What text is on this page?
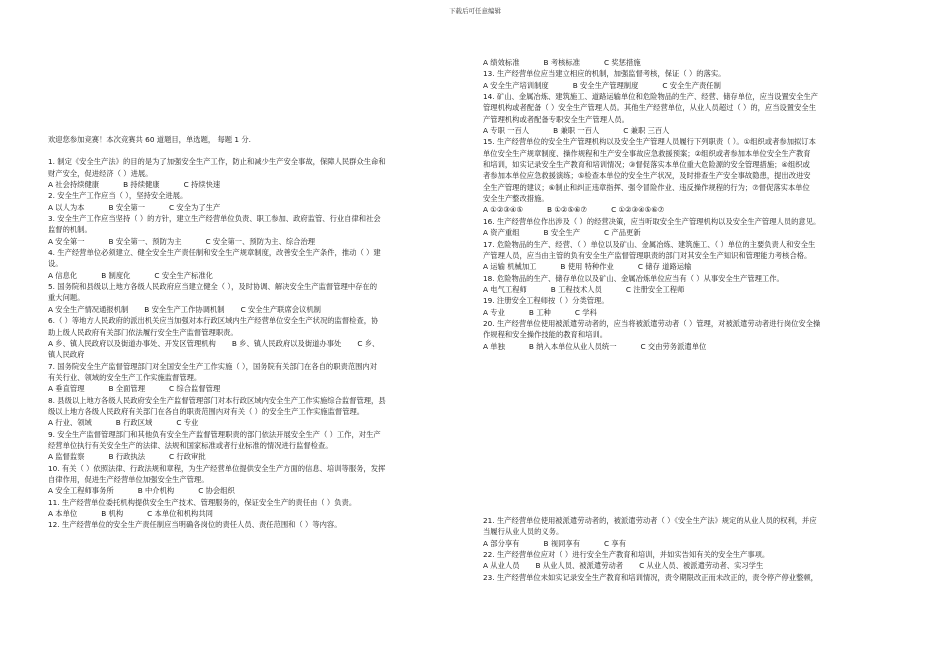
下载后可任意编辑
欢迎您参加竞赛！本次竞赛共 60 道题目，单选题， 每题 1 分.
1. 制定《安全生产法》的目的是为了加强安全生产工作，防止和减少生产安全事故，保障人民群众生命和
财产安全，促进经济（ ）进展。
A 社会持续健康	B 持续健康	C 持续快速
2. 安全生产工作应当（ ），坚持安全进展。
A 以人为本	B 安全第一	C 安全为了生产
3. 安全生产工作应当坚持（ ）的方针，建立生产经营单位负责、职工参加、政府监管、行业自律和社会
监督的机制。
A 安全第一	B 安全第一、预防为主	C 安全第一、预防为主、综合治理
4. 生产经营单位必须建立、健全安全生产责任制和安全生产规章制度，改善安全生产条件，推动（ ）建
设。
A 信息化	B 制度化	C 安全生产标准化
5. 国务院和县级以上地方各级人民政府应当建立健全（ ），及时协调、解决安全生产监督管理中存在的
重大问题。
A 安全生产情况通报机制 B 安全生产工作协调机制 C 安全生产联席会议机制
6.（ ）等地方人民政府的派出机关应当加强对本行政区域内生产经营单位安全生产状况的监督检查，协
助上级人民政府有关部门依法履行安全生产监督管理职责。
A 乡、镇人民政府以及街道办事处、开发区管理机构 B 乡、镇人民政府以及街道办事处 C 乡、
镇人民政府
7. 国务院安全生产监督管理部门对全国安全生产工作实施（ ），国务院有关部门在各自的职责范围内对
有关行业、领域的安全生产工作实施监督管理。
A 垂直管理	B 全面管理	C 综合监督管理
8. 县级以上地方各级人民政府安全生产监督管理部门对本行政区域内安全生产工作实施综合监督管理，县
级以上地方各级人民政府有关部门在各自的职责范围内对有关（ ）的安全生产工作实施监督管理。
A 行业、领域	B 行政区域	C 专业
9. 安全生产监督管理部门和其他负有安全生产监督管理职责的部门依法开展安全生产（ ）工作，对生产
经营单位执行有关安全生产的法律、法规和国家标准或者行业标准的情况进行监督检查。
A 监督监察	B 行政执法	C 行政审批
10. 有关（ ）依照法律、行政法规和章程，为生产经营单位提供安全生产方面的信息、培训等服务，发挥
自律作用，促进生产经营单位加强安全生产管理。
A 安全工程师事务所	B 中介机构	C 协会组织
11. 生产经营单位委托机构提供安全生产技术、管理服务的，保证安全生产的责任由（ ）负责。
A 本单位	B 机构	C 本单位和机构共同
12. 生产经营单位的安全生产责任制应当明确各岗位的责任人员、责任范围和（ ）等内容。
A 绩效标准	B 考核标准	C 奖惩措施
13. 生产经营单位应当建立相应的机制，加强监督考核，保证（ ）的落实。
A 安全生产培训制度	B 安全生产管理制度	C 安全生产责任制
14. 矿山、金属冶炼、建筑施工、道路运输单位和危险物品的生产、经营、储存单位，应当设置安全生产
管理机构或者配备（ ）安全生产管理人员。其他生产经营单位，从业人员超过（ ）的，应当设置安全生
产管理机构或者配备专职安全生产管理人员。
A 专职 一百人	B 兼职 一百人	C 兼职 三百人
15. 生产经营单位的安全生产管理机构以及安全生产管理人员履行下列职责（ ）。①组织或者参加拟订本
单位安全生产规章制度、操作规程和生产安全事故应急救援预案；②组织或者参加本单位安全生产教育
和培训，如实记录安全生产教育和培训情况；③督促落实本单位重大危险源的安全管理措施；④组织或
者参加本单位应急救援演练；⑤检查本单位的安全生产状况，及时排查生产安全事故隐患，提出改进安
全生产管理的建议；⑥制止和纠正违章指挥、强令冒险作业、违反操作规程的行为；⑦督促落实本单位
安全生产整改措施。
A ①②③④⑤	B ①②⑤⑥⑦	C ①②③④⑤⑥⑦
16. 生产经营单位作出涉及（ ）的经营决策，应当听取安全生产管理机构以及安全生产管理人员的意见。
A 资产重组	B 安全生产	C 产品更新
17. 危险物品的生产、经营、（ ）单位以及矿山、金属冶炼、建筑施工、（ ）单位的主要负责人和安全生
产管理人员，应当由主管的负有安全生产监督管理职责的部门对其安全生产知识和管理能力考核合格。
A 运输 机械加工	B 使用 特种作业	C 储存 道路运输
18. 危险物品的生产、储存单位以及矿山、金属冶炼单位应当有（ ）从事安全生产管理工作。
A 电气工程师	B 工程技术人员	C 注册安全工程师
19. 注册安全工程师按（ ）分类管理。
A 专业	B 工种	C 学科
20. 生产经营单位使用被派遣劳动者的，应当将被派遣劳动者（ ）管理，对被派遣劳动者进行岗位安全操
作规程和安全操作技能的教育和培训。
A 单独	B 纳入本单位从业人员统一	C 交由劳务派遣单位
21. 生产经营单位使用被派遣劳动者的，被派遣劳动者（ ）《安全生产法》规定的从业人员的权利，并应
当履行从业人员的义务。
A 部分享有	B 视同享有	C 享有
22. 生产经营单位应对（ ）进行安全生产教育和培训，并如实告知有关的安全生产事项。
A 从业人员 B 从业人员、被派遣劳动者 C 从业人员、被派遣劳动者、实习学生
23. 生产经营单位未如实记录安全生产教育和培训情况，责令期限改正而未改正的，责令停产停业整顿，
